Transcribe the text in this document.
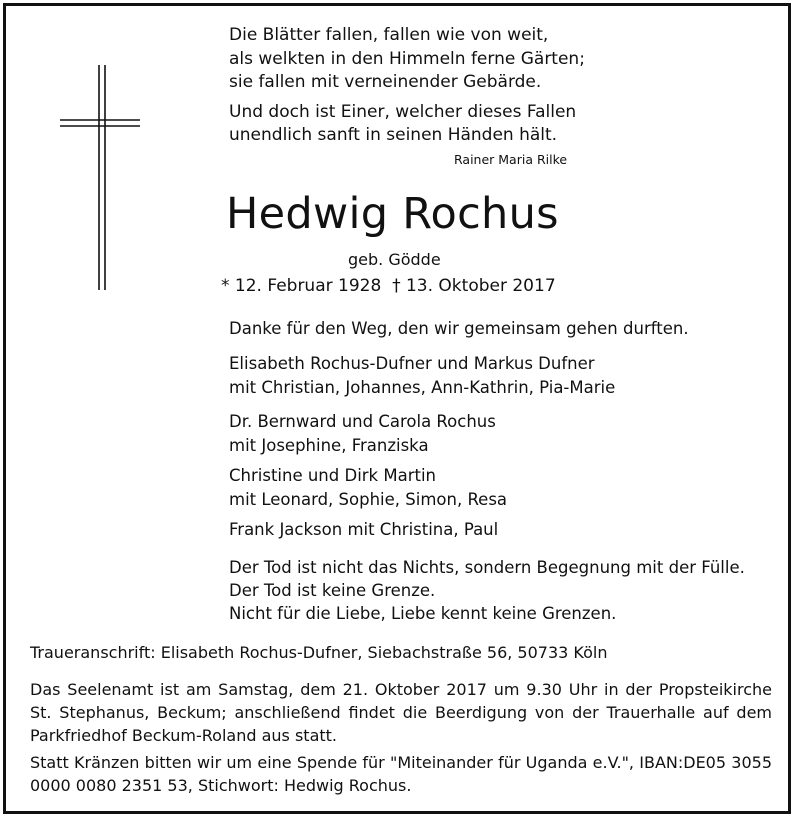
Die Blätter fallen, fallen wie von weit,
als welkten in den Himmeln ferne Gärten;
sie fallen mit verneinender Gebärde.
Und doch ist Einer, welcher dieses Fallen
unendlich sanft in seinen Händen hält.
Rainer Maria Rilke
Hedwig Rochus
geb. Gödde
* 12. Februar 1928  † 13. Oktober 2017
Danke für den Weg, den wir gemeinsam gehen durften.
Elisabeth Rochus-Dufner und Markus Dufner
mit Christian, Johannes, Ann-Kathrin, Pia-Marie
Dr. Bernward und Carola Rochus
mit Josephine, Franziska
Christine und Dirk Martin
mit Leonard, Sophie, Simon, Resa
Frank Jackson mit Christina, Paul
Der Tod ist nicht das Nichts, sondern Begegnung mit der Fülle.
Der Tod ist keine Grenze.
Nicht für die Liebe, Liebe kennt keine Grenzen.
Traueranschrift: Elisabeth Rochus-Dufner, Siebachstraße 56, 50733 Köln
Das Seelenamt ist am Samstag, dem 21. Oktober 2017 um 9.30 Uhr in der Propsteikirche St. Stephanus, Beckum; anschließend findet die Beerdigung von der Trauerhalle auf dem Parkfriedhof Beckum-Roland aus statt.
Statt Kränzen bitten wir um eine Spende für "Miteinander für Uganda e.V.", IBAN:DE05 3055 0000 0080 2351 53, Stichwort: Hedwig Rochus.
